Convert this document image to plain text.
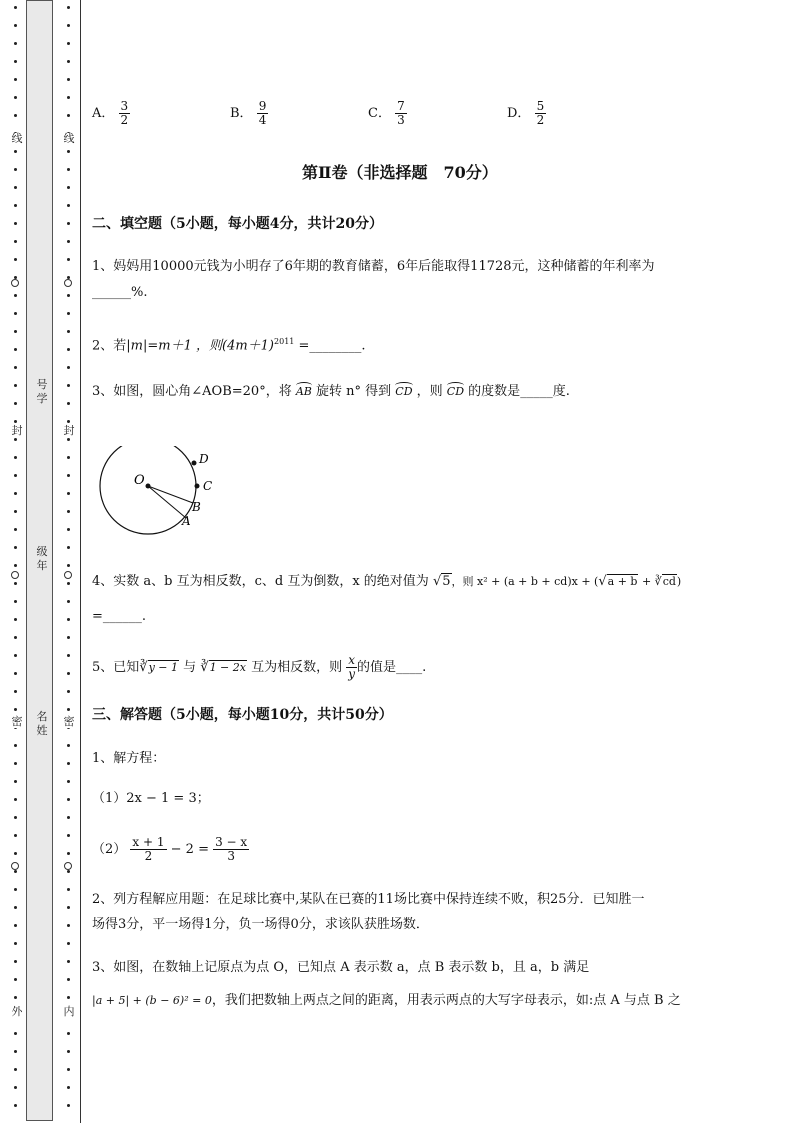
号学
级年
名姓
A． $\frac{3}{2}$	B． $\frac{9}{4}$	C． $\frac{7}{3}$	D． $\frac{5}{2}$
第Ⅱ卷（非选择题　70分）
二、填空题（5小题，每小题4分，共计20分）
1、妈妈用10000元钱为小明存了6年期的教育储蓄，6年后能取得11728元，这种储蓄的年利率为
______%.
2、若|m|=m＋1 ，则$(4m+1)^{2011}$ =________.
3、如图，圆心角∠AOB=20°，将 AB 旋转 n° 得到 CD ，则 CD 的度数是_____度.
O
D
C
B
A
4、实数 a、b 互为相反数，c、d 互为倒数，x 的绝对值为 √5，则 x² + (a + b + cd)x + (√a + b + ∛cd)
=______.
5、已知∛y − 1 与 ∛1 − 2x 互为相反数，则 $\frac{x}{y}$ 的值是____.
三、解答题（5小题，每小题10分，共计50分）
1、解方程：
（1）2x − 1 = 3；
$(2) \frac{x + 1}{2} - 2 = \frac{3 - x}{3}$
2、列方程解应用题：在足球比赛中,某队在已赛的11场比赛中保持连续不败，积25分．已知胜一
场得3分，平一场得1分，负一场得0分，求该队获胜场数．
3、如图，在数轴上记原点为点 O，已知点 A 表示数 a，点 B 表示数 b，且 a，b 满足
|a + 5| + (b − 6)² = 0，我们把数轴上两点之间的距离，用表示两点的大写字母表示，如:点 A 与点 B 之
线
封
密
外
线
封
密
内
